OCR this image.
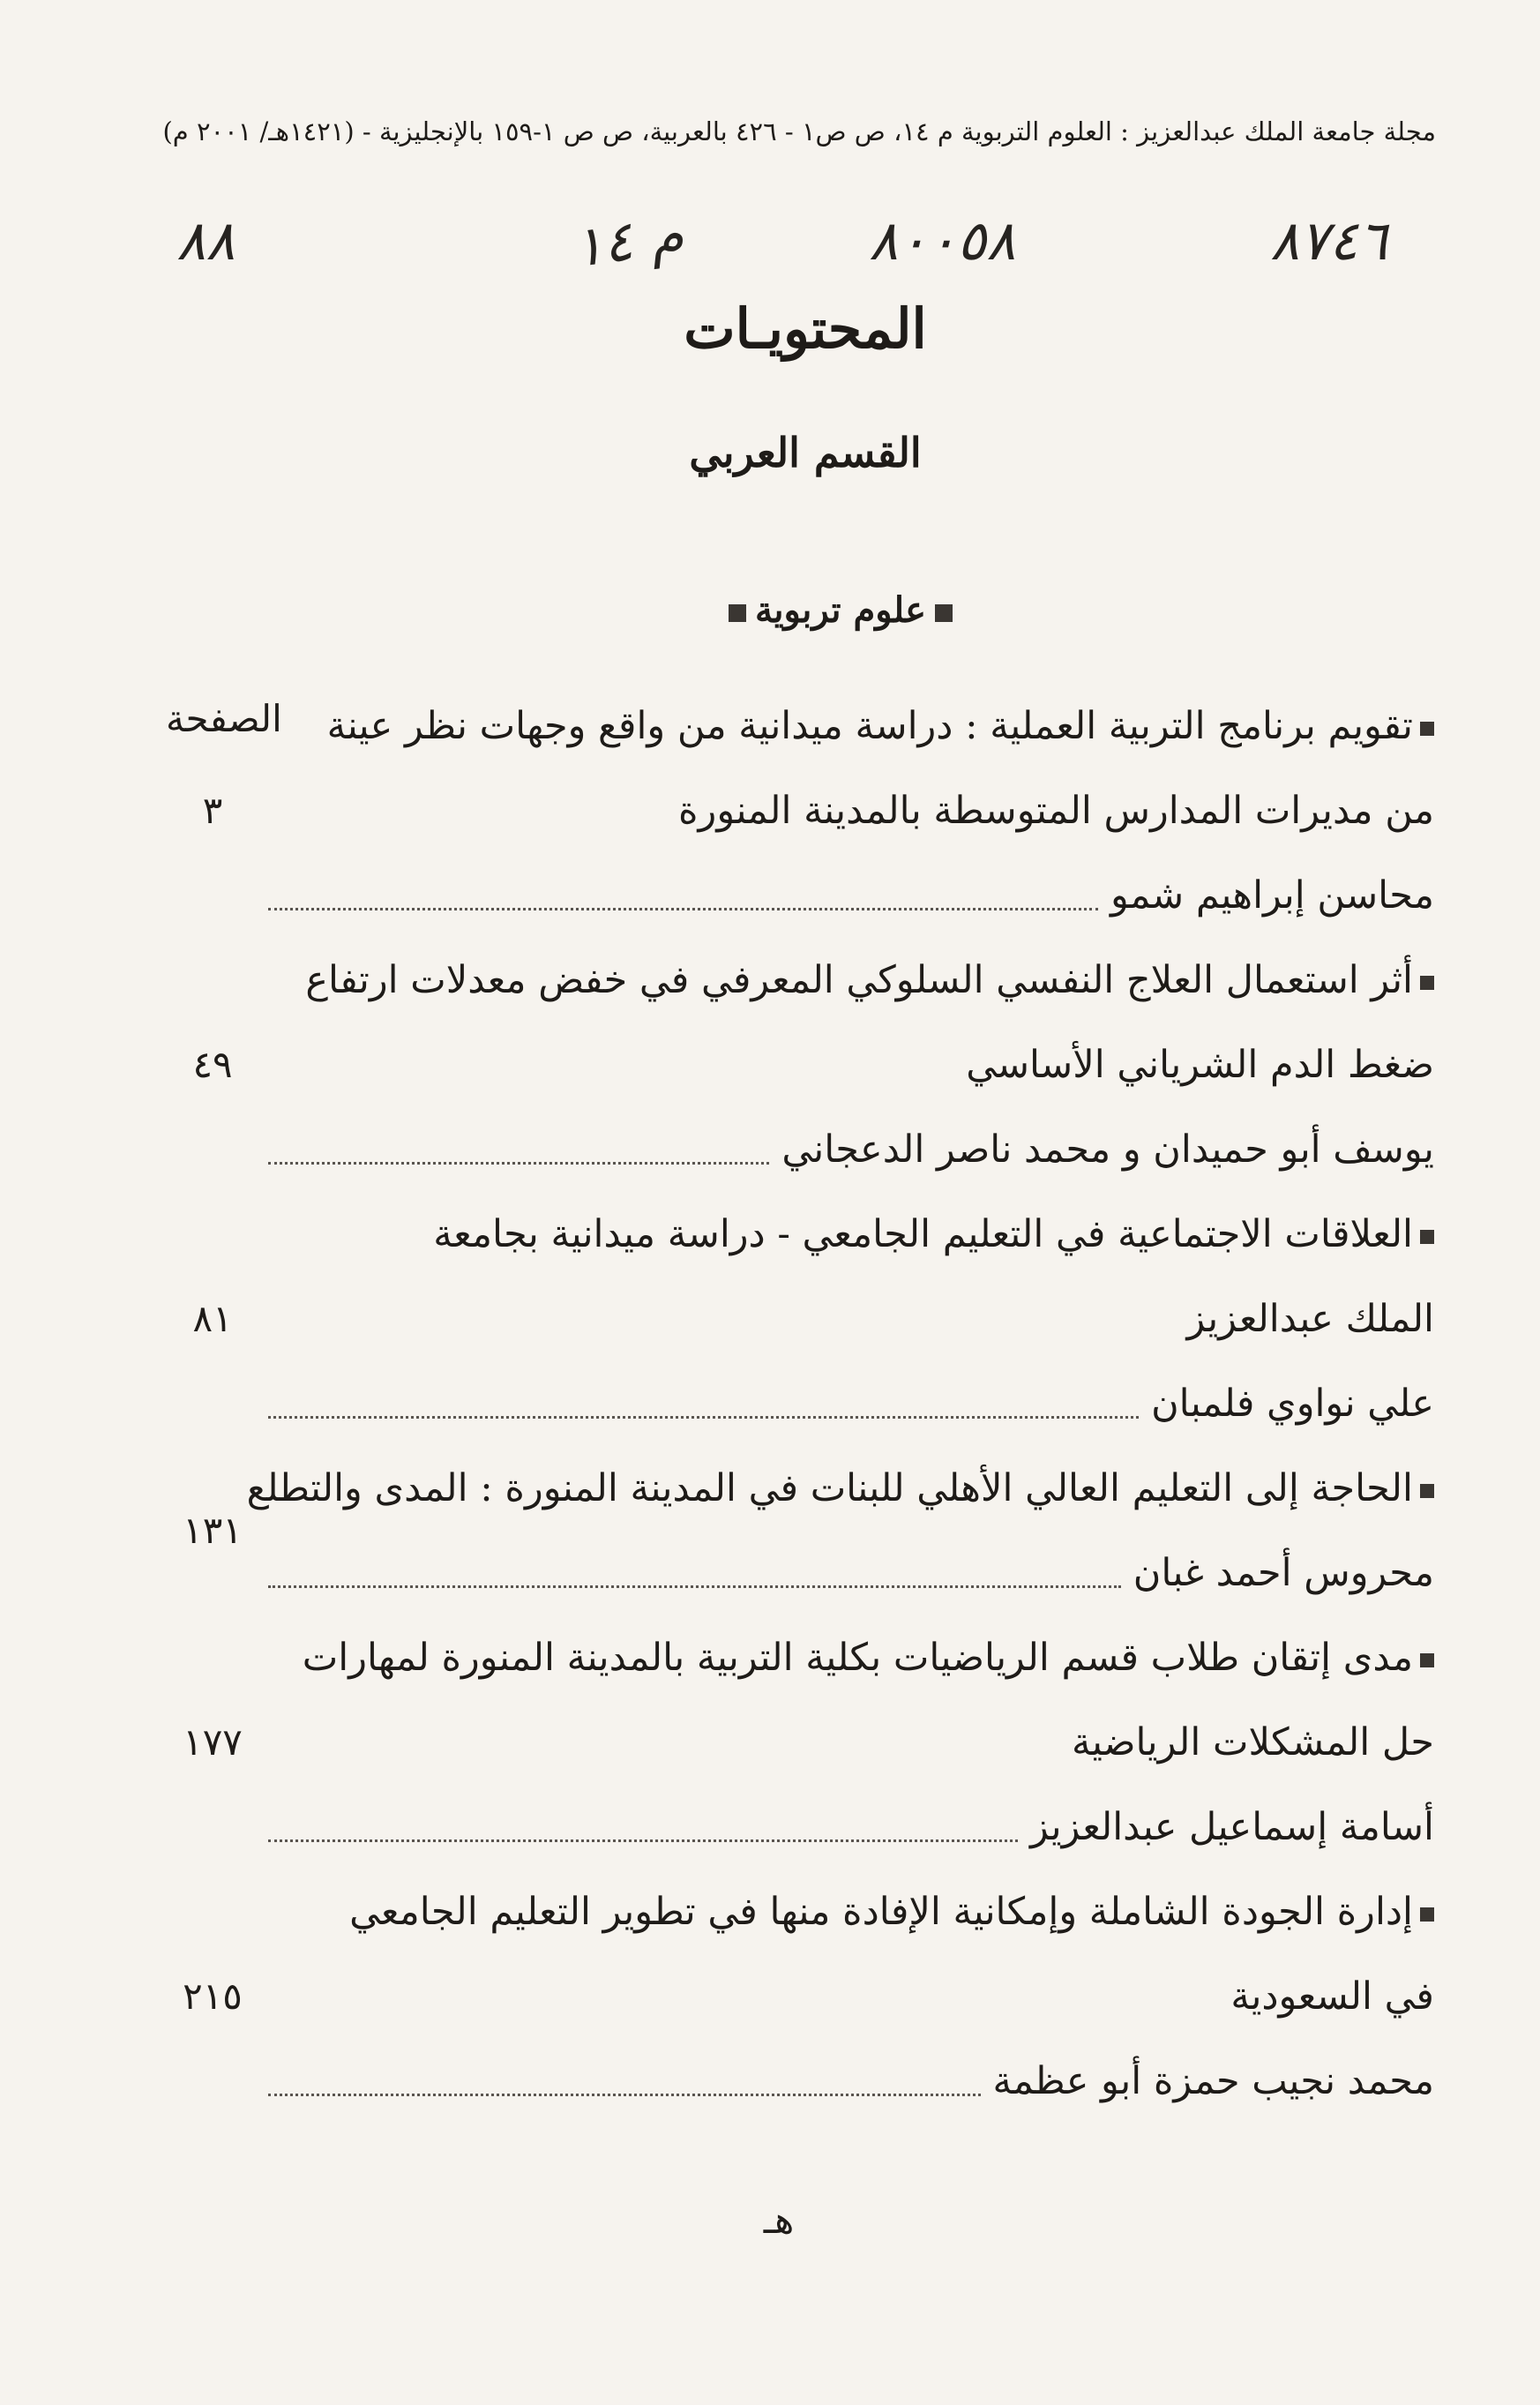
مجلة جامعة الملك عبدالعزيز : العلوم التربوية م ١٤، ص ص١ - ٤٢٦ بالعربية، ص ص ١-١٥٩ بالإنجليزية - (١٤٢١هـ/ ٢٠٠١ م)
٨٧٤٦
٨٠٠٥٨
م ١٤
٨٨
المحتويـات
القسم العربي
علوم تربوية
الصفحة	تقويم برنامج التربية العملية : دراسة ميدانية من واقع وجهات نظر عينة
من مديرات المدارس المتوسطة بالمدينة المنورة
محاسن إبراهيم شمو
٣
أثر استعمال العلاج النفسي السلوكي المعرفي في خفض معدلات ارتفاع
ضغط الدم الشرياني الأساسي
يوسف أبو حميدان و محمد ناصر الدعجاني
٤٩
العلاقات الاجتماعية في التعليم الجامعي - دراسة ميدانية بجامعة
الملك عبدالعزيز
علي نواوي فلمبان
٨١
الحاجة إلى التعليم العالي الأهلي للبنات في المدينة المنورة : المدى والتطلع
محروس أحمد غبان
١٣١
مدى إتقان طلاب قسم الرياضيات بكلية التربية بالمدينة المنورة لمهارات
حل المشكلات الرياضية
أسامة إسماعيل عبدالعزيز
١٧٧
إدارة الجودة الشاملة وإمكانية الإفادة منها في تطوير التعليم الجامعي
في السعودية
محمد نجيب حمزة أبو عظمة
٢١٥
هـ
